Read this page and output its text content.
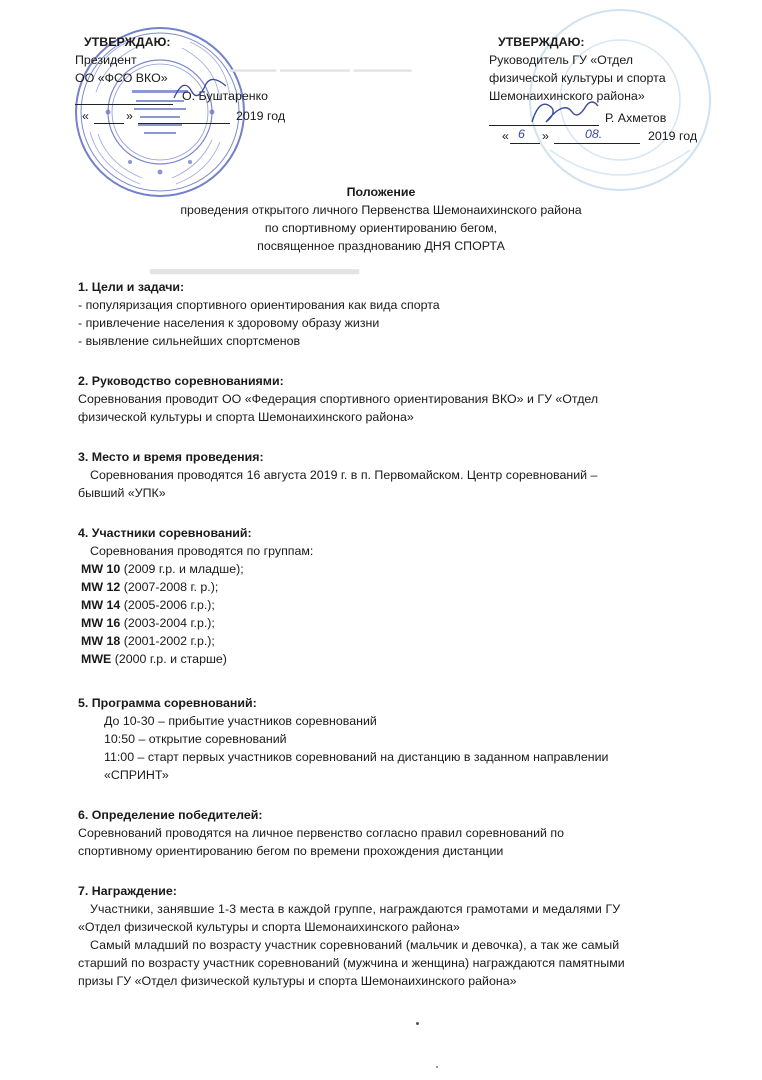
▁▁▁▁ ▁▁▁▁▁▁ ▁▁▁▁▁
▂▂▂▂▂▂▂▂▂▂▂▂▂▂▂▂
УТВЕРЖДАЮ:
Президент
ОО «ФСО ВКО»
О. Буштаренко
«	»	2019 год
УТВЕРЖДАЮ:
Руководитель ГУ «Отдел
физической культуры и спорта
Шемонаихинского района»
Р. Ахметов
« 6 »	08.	2019 год
Положение
проведения открытого личного Первенства Шемонаихинского района
по спортивному ориентированию бегом,
посвященное празднованию ДНЯ СПОРТА
1. Цели и задачи:
- популяризация спортивного ориентирования как вида спорта
- привлечение населения к здоровому образу жизни
- выявление сильнейших спортсменов
2. Руководство соревнованиями:
Соревнования проводит ОО «Федерация спортивного ориентирования ВКО» и ГУ «Отдел
физической культуры и спорта Шемонаихинского района»
3. Место и время проведения:
Соревнования проводятся 16 августа 2019 г. в п. Первомайском. Центр соревнований –
бывший «УПК»
4. Участники соревнований:
Соревнования проводятся по группам:
MW 10 (2009 г.р. и младше);
MW 12 (2007-2008 г. р.);
MW 14 (2005-2006 г.р.);
MW 16 (2003-2004 г.р.);
MW 18 (2001-2002 г.р.);
MWE (2000 г.р. и старше)
5. Программа соревнований:
До 10-30 – прибытие участников соревнований
10:50 – открытие соревнований
11:00 – старт первых участников соревнований на дистанцию в заданном направлении
«СПРИНТ»
6. Определение победителей:
Соревнований проводятся на личное первенство согласно правил соревнований по
спортивному ориентированию бегом по времени прохождения дистанции
7. Награждение:
Участники, занявшие 1-3 места в каждой группе, награждаются грамотами и медалями ГУ
«Отдел физической культуры и спорта Шемонаихинского района»
Самый младший по возрасту участник соревнований (мальчик и девочка), а так же самый
старший по возрасту участник соревнований (мужчина и женщина) награждаются памятными
призы ГУ «Отдел физической культуры и спорта Шемонаихинского района»
